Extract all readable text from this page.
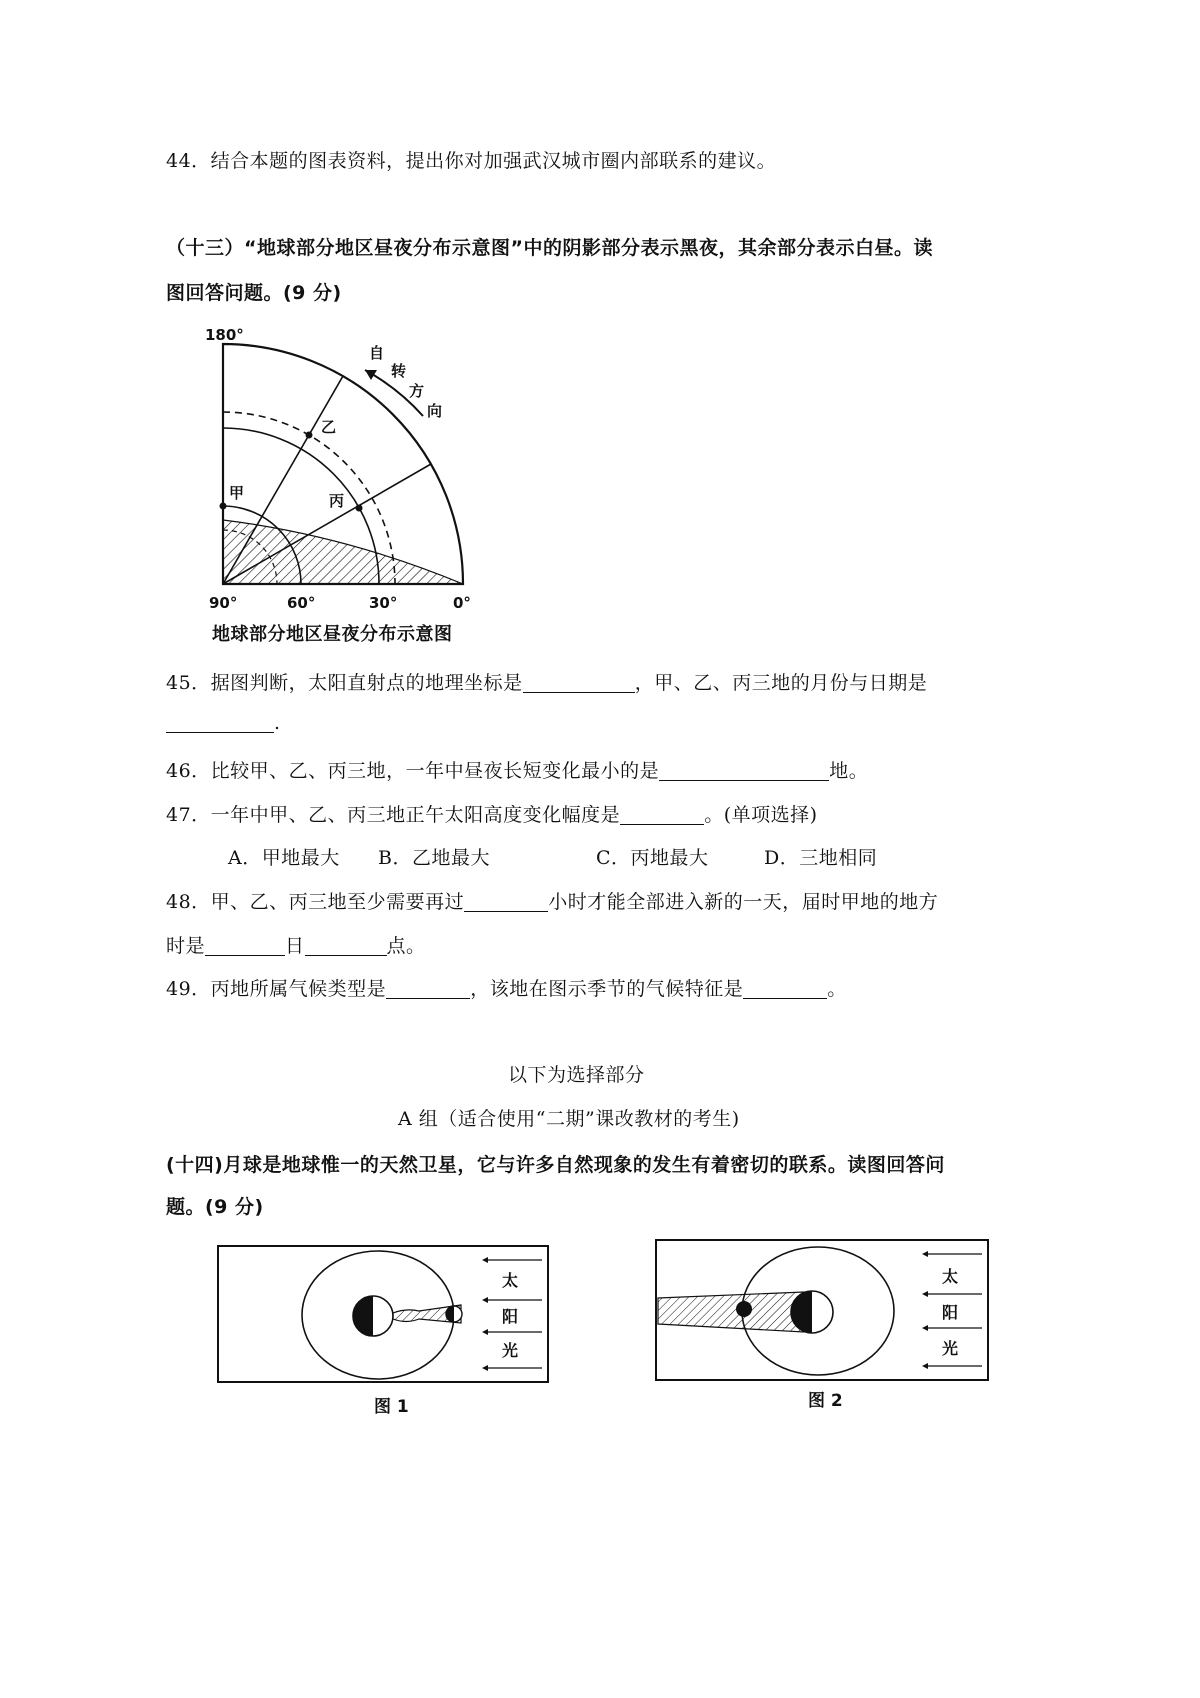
44．结合本题的图表资料，提出你对加强武汉城市圈内部联系的建议。
（十三）“地球部分地区昼夜分布示意图”中的阴影部分表示黑夜，其余部分表示白昼。读
图回答问题。(9 分)
180°
90°	60°	30°	0°
自
转
方
向
甲
乙
丙
地球部分地区昼夜分布示意图
45．据图判断，太阳直射点的地理坐标是	，甲、乙、丙三地的月份与日期是
.
46．比较甲、乙、丙三地，一年中昼夜长短变化最小的是	地。
47．一年中甲、乙、丙三地正午太阳高度变化幅度是	。(单项选择)
A．甲地最大 B．乙地最大	C．丙地最大	D．三地相同
48．甲、乙、丙三地至少需要再过	小时才能全部进入新的一天，届时甲地的地方
时是	日	点。
49．丙地所属气候类型是	，该地在图示季节的气候特征是	。
以下为选择部分
A 组（适合使用“二期”课改教材的考生)
(十四)月球是地球惟一的天然卫星，它与许多自然现象的发生有着密切的联系。读图回答问
题。(9 分)
太
阳
光
图 1
太
阳
光
图 2
